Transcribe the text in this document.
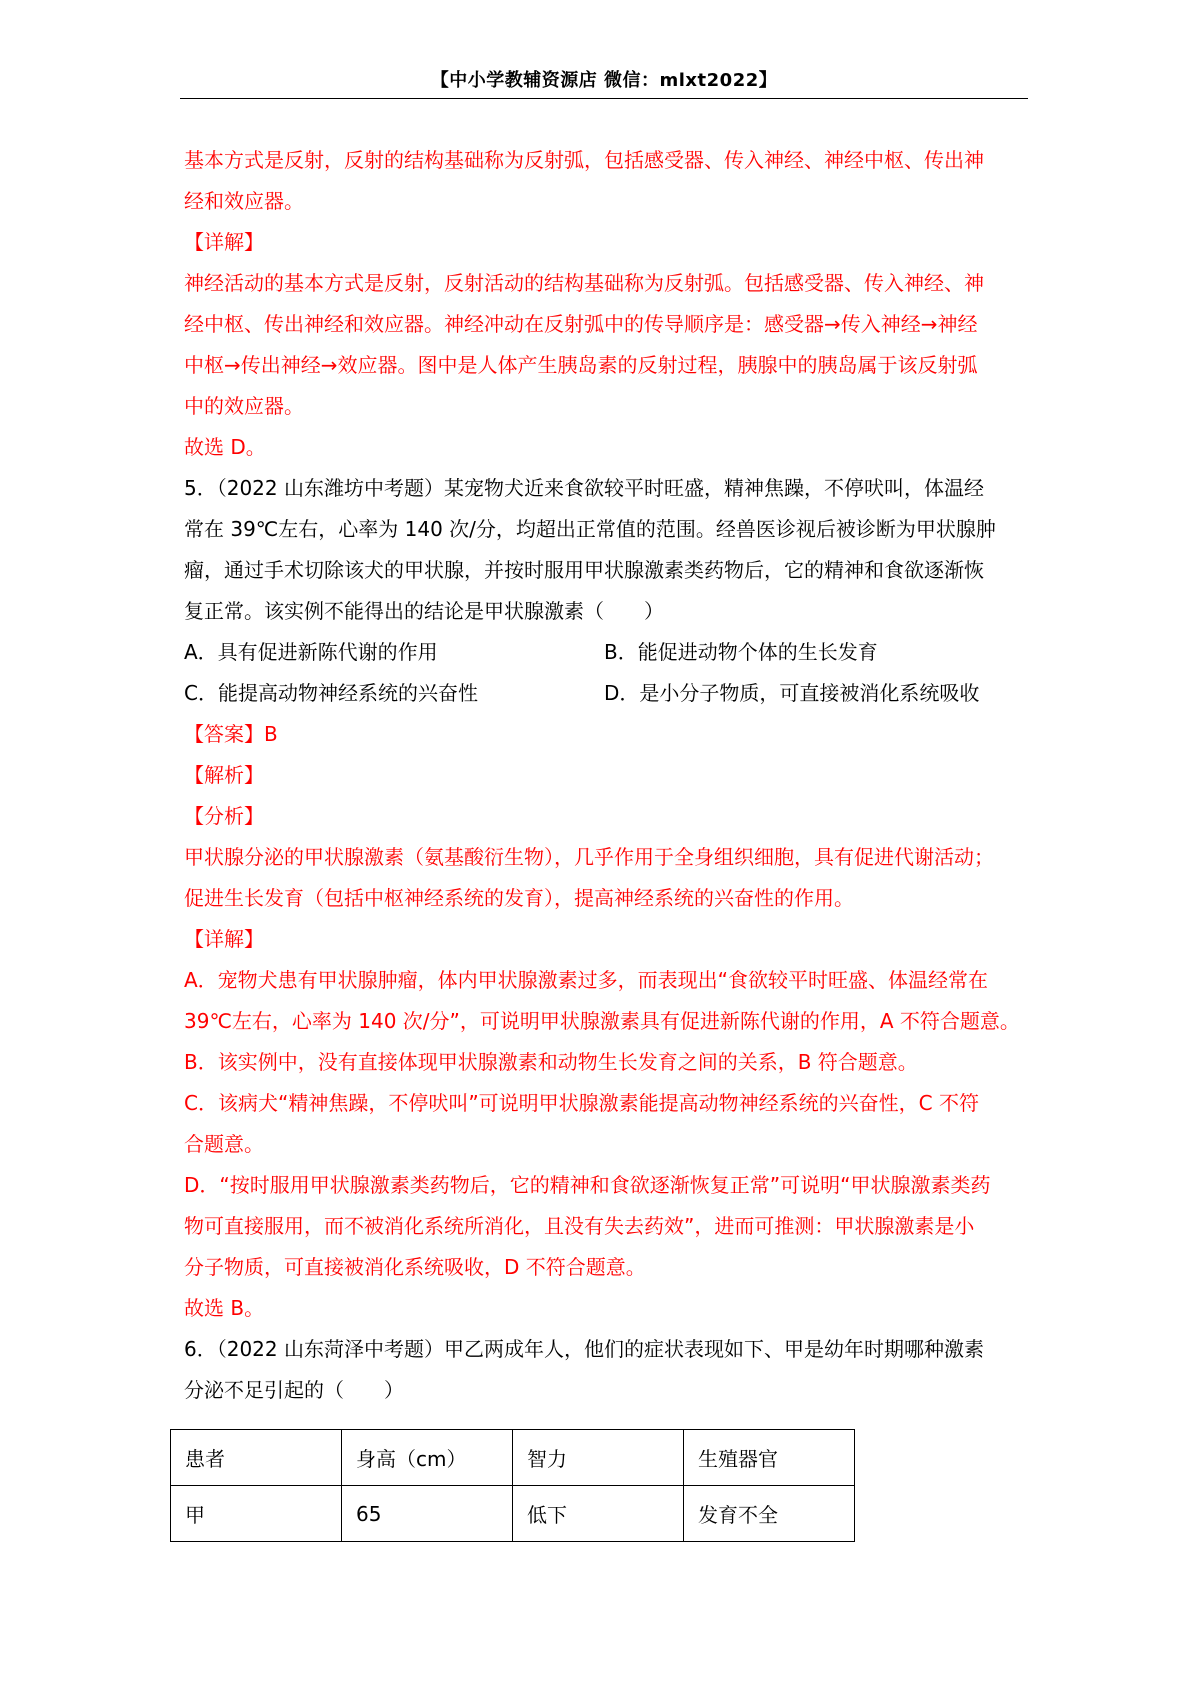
【中小学教辅资源店 微信：mlxt2022】
基本方式是反射，反射的结构基础称为反射弧，包括感受器、传入神经、神经中枢、传出神
经和效应器。
【详解】
神经活动的基本方式是反射，反射活动的结构基础称为反射弧。包括感受器、传入神经、神
经中枢、传出神经和效应器。神经冲动在反射弧中的传导顺序是：感受器→传入神经→神经
中枢→传出神经→效应器。图中是人体产生胰岛素的反射过程，胰腺中的胰岛属于该反射弧
中的效应器。
故选 D。
5．（2022 山东潍坊中考题）某宠物犬近来食欲较平时旺盛，精神焦躁，不停吠叫，体温经
常在 39℃左右，心率为 140 次/分，均超出正常值的范围。经兽医诊视后被诊断为甲状腺肿
瘤，通过手术切除该犬的甲状腺，并按时服用甲状腺激素类药物后，它的精神和食欲逐渐恢
复正常。该实例不能得出的结论是甲状腺激素（　　）
A．具有促进新陈代谢的作用	B．能促进动物个体的生长发育
C．能提高动物神经系统的兴奋性	D．是小分子物质，可直接被消化系统吸收
【答案】B
【解析】
【分析】
甲状腺分泌的甲状腺激素（氨基酸衍生物），几乎作用于全身组织细胞，具有促进代谢活动；
促进生长发育（包括中枢神经系统的发育），提高神经系统的兴奋性的作用。
【详解】
A．宠物犬患有甲状腺肿瘤，体内甲状腺激素过多，而表现出“食欲较平时旺盛、体温经常在
39℃左右，心率为 140 次/分”，可说明甲状腺激素具有促进新陈代谢的作用，A 不符合题意。
B．该实例中，没有直接体现甲状腺激素和动物生长发育之间的关系，B 符合题意。
C．该病犬“精神焦躁，不停吠叫”可说明甲状腺激素能提高动物神经系统的兴奋性，C 不符
合题意。
D．“按时服用甲状腺激素类药物后，它的精神和食欲逐渐恢复正常”可说明“甲状腺激素类药
物可直接服用，而不被消化系统所消化，且没有失去药效”，进而可推测：甲状腺激素是小
分子物质，可直接被消化系统吸收，D 不符合题意。
故选 B。
6．（2022 山东菏泽中考题）甲乙两成年人，他们的症状表现如下、甲是幼年时期哪种激素
分泌不足引起的（　　）
患者	身高（cm）	智力	生殖器官
甲	65	低下	发育不全
